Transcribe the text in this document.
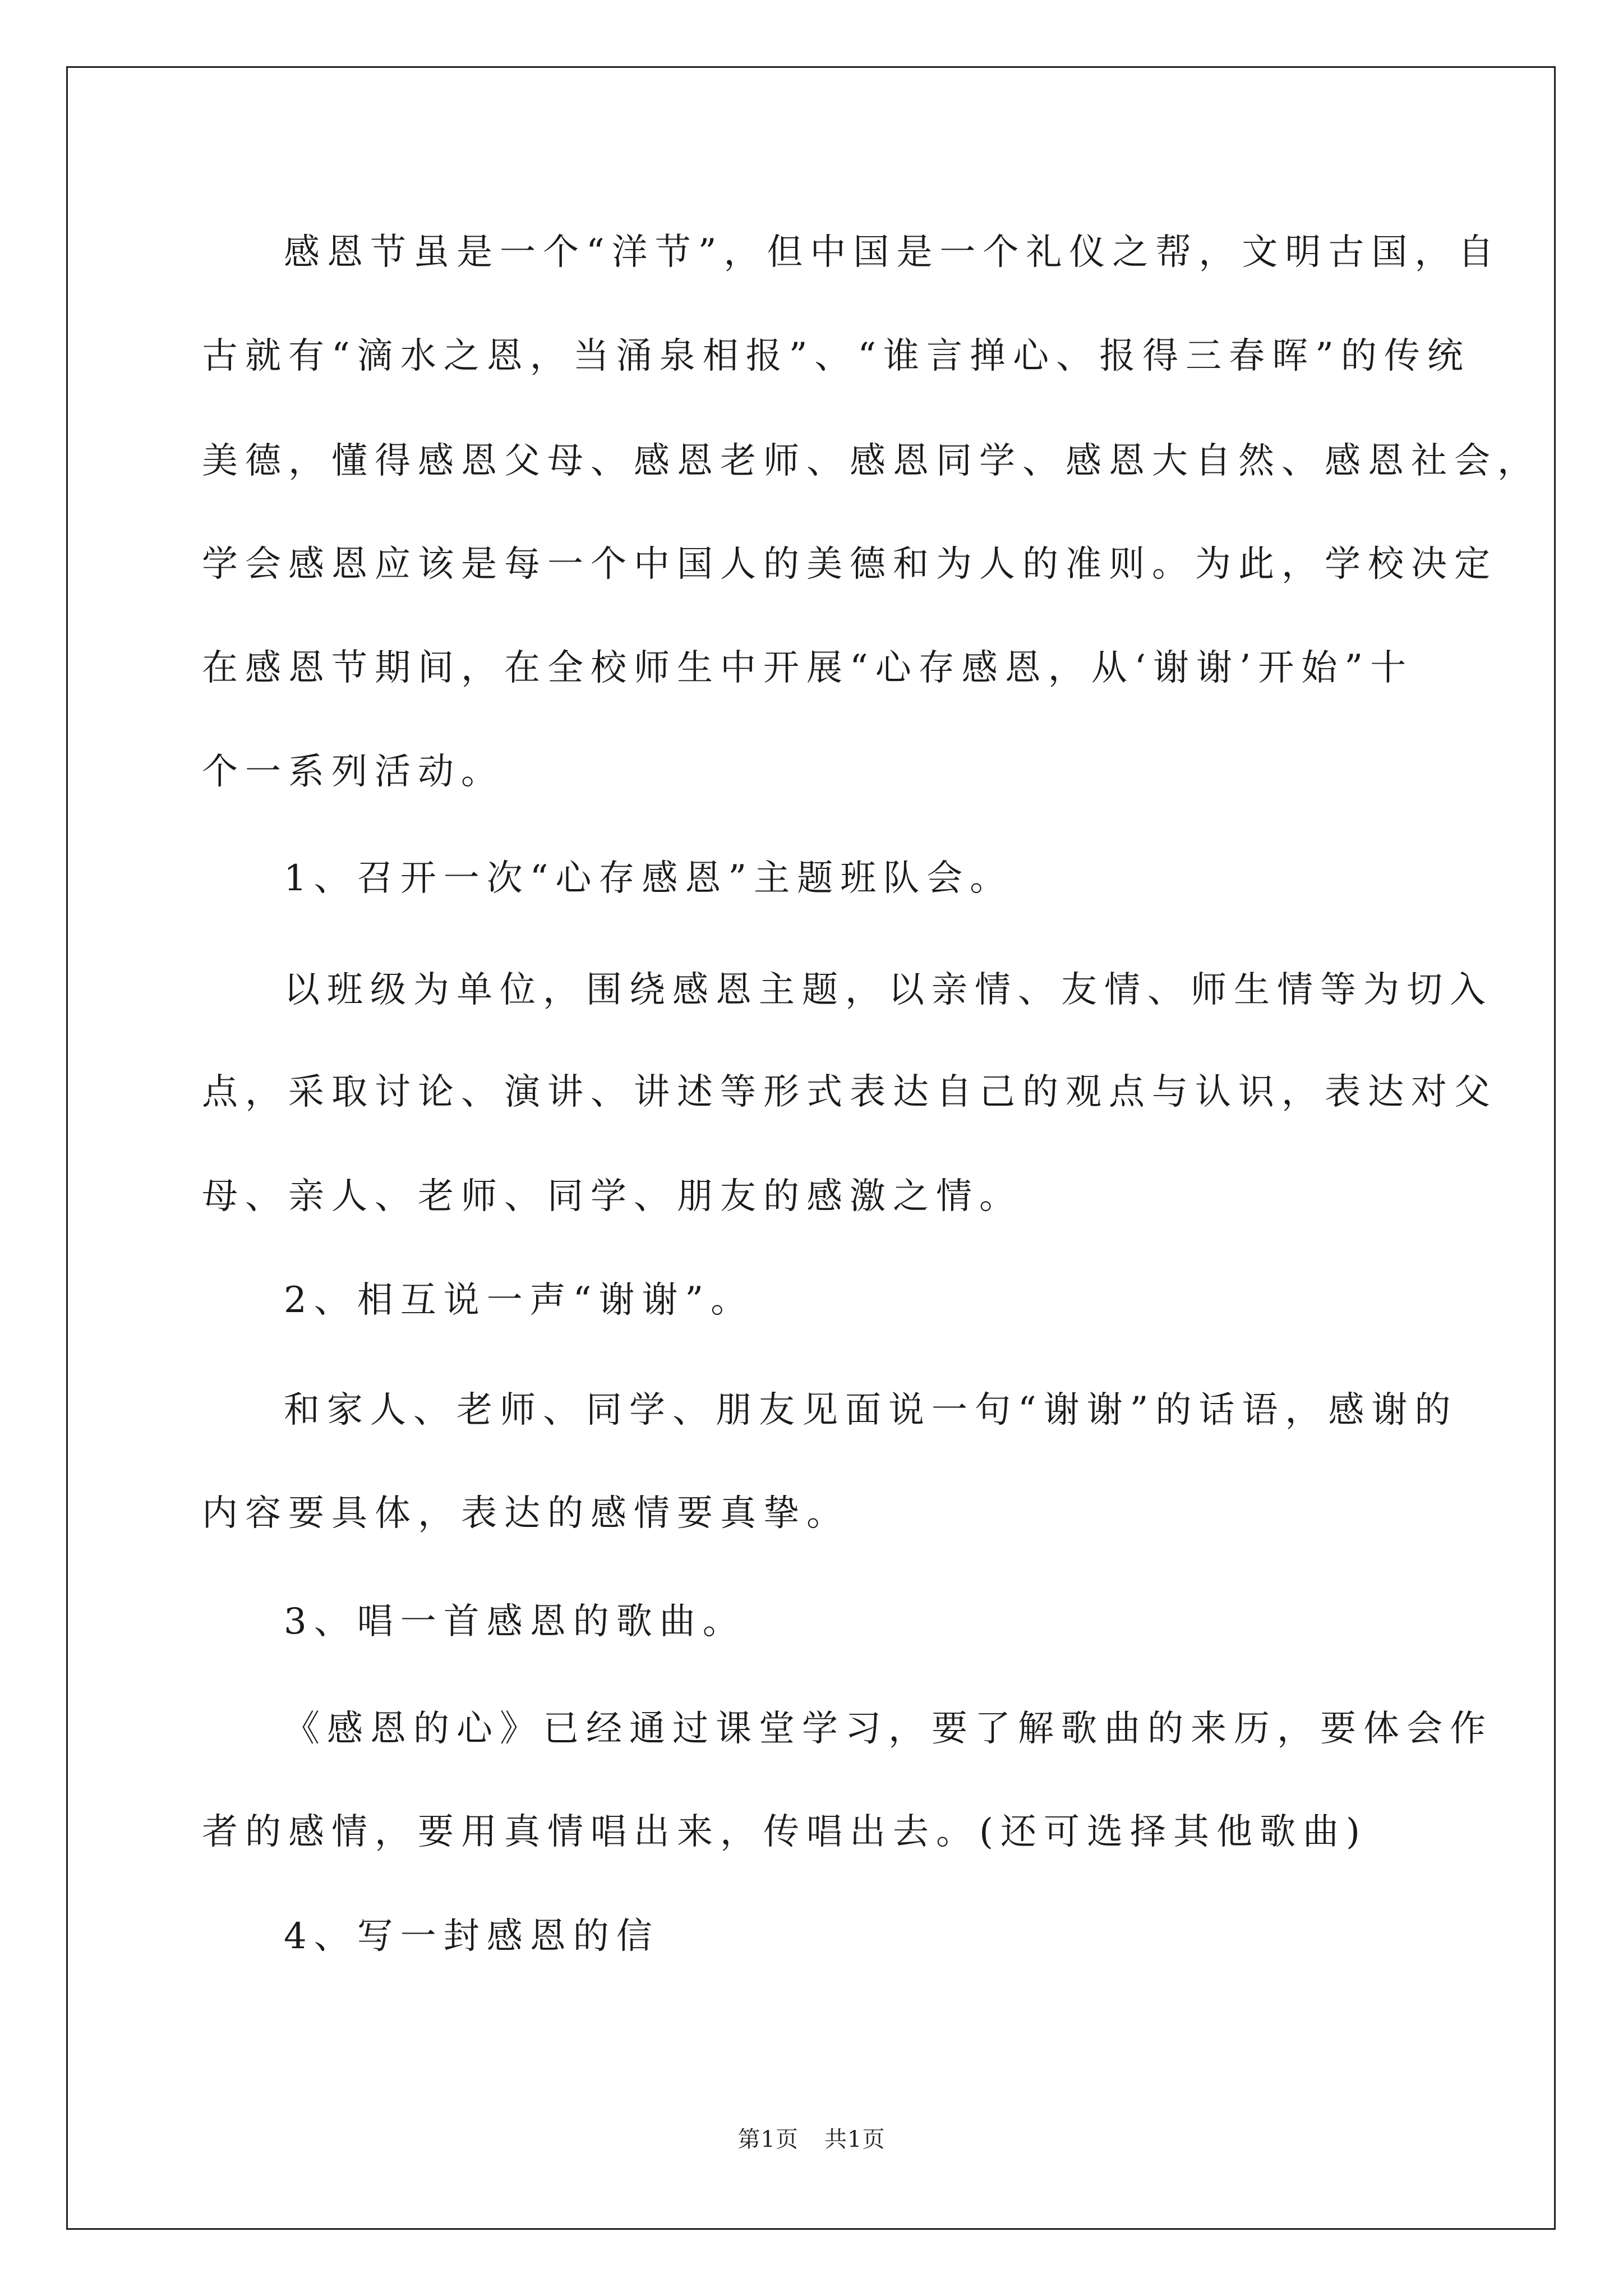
感恩节虽是一个“洋节”，但中国是一个礼仪之帮，文明古国，自
古就有“滴水之恩，当涌泉相报”、“谁言掸心、报得三春晖”的传统
美德，懂得感恩父母、感恩老师、感恩同学、感恩大自然、感恩社会，
学会感恩应该是每一个中国人的美德和为人的准则。为此，学校决定
在感恩节期间，在全校师生中开展“心存感恩，从‘谢谢’开始”十
个一系列活动。
1、召开一次“心存感恩”主题班队会。
以班级为单位，围绕感恩主题，以亲情、友情、师生情等为切入
点，采取讨论、演讲、讲述等形式表达自己的观点与认识，表达对父
母、亲人、老师、同学、朋友的感激之情。
2、相互说一声“谢谢”。
和家人、老师、同学、朋友见面说一句“谢谢”的话语，感谢的
内容要具体，表达的感情要真挚。
3、唱一首感恩的歌曲。
《感恩的心》已经通过课堂学习，要了解歌曲的来历，要体会作
者的感情，要用真情唱出来，传唱出去。(还可选择其他歌曲)
4、写一封感恩的信
第1页 共1页
